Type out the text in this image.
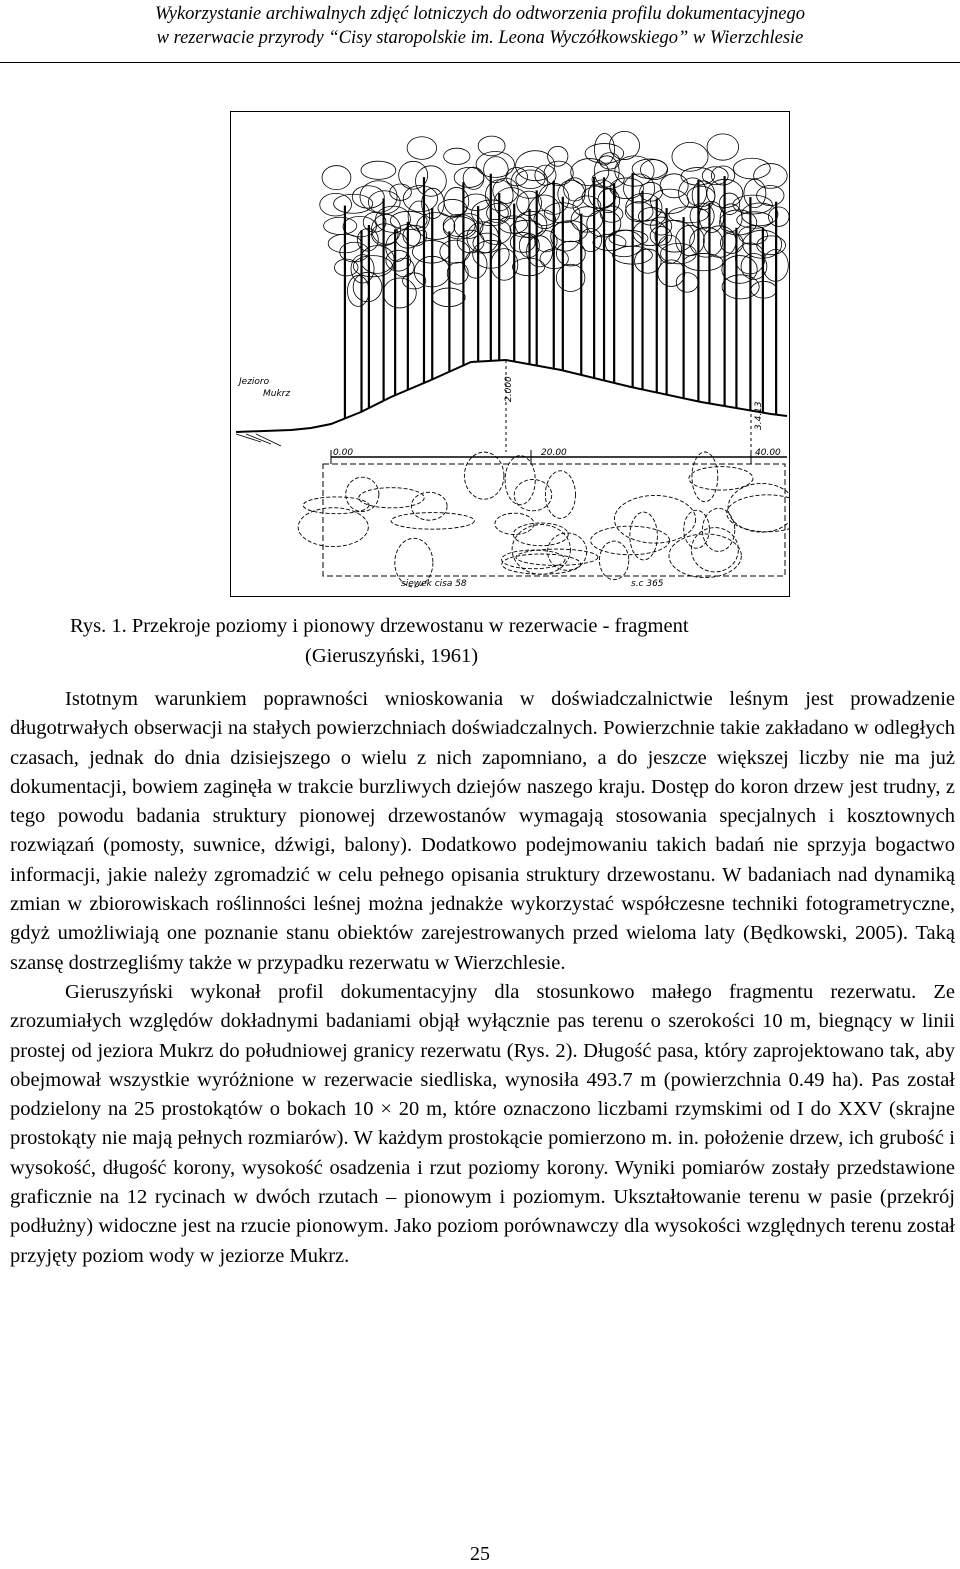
Wykorzystanie archiwalnych zdjęć lotniczych do odtworzenia profilu dokumentacyjnego
w rezerwacie przyrody “Cisy staropolskie im. Leona Wyczółkowskiego” w Wierzchlesie
Jezioro
Mukrz
0.00	20.00	40.00
2.000
3.4.13
siewek cisa 58	s.c 365
Rys. 1. Przekroje poziomy i pionowy drzewostanu w rezerwacie - fragment
(Gieruszyński, 1961)

Istotnym warunkiem poprawności wnioskowania w doświadczalnictwie leśnym jest prowadzenie długotrwałych obserwacji na stałych powierzchniach doświadczalnych. Powierzchnie takie zakładano w odległych czasach, jednak do dnia dzisiejszego o wielu z nich zapomniano, a do jeszcze większej liczby nie ma już dokumentacji, bowiem zaginęła w trakcie burzliwych dziejów naszego kraju. Dostęp do koron drzew jest trudny, z tego powodu badania struktury pionowej drzewostanów wymagają stosowania specjalnych i kosztownych rozwiązań (pomosty, suwnice, dźwigi, balony). Dodatkowo podejmowaniu takich badań nie sprzyja bogactwo informacji, jakie należy zgromadzić w celu pełnego opisania struktury drzewostanu. W badaniach nad dynamiką zmian w zbiorowiskach roślinności leśnej można jednakże wykorzystać współczesne techniki fotogrametryczne, gdyż umożliwiają one poznanie stanu obiektów zarejestrowanych przed wieloma laty (Będkowski, 2005). Taką szansę dostrzegliśmy także w przypadku rezerwatu w Wierzchlesie.

Gieruszyński wykonał profil dokumentacyjny dla stosunkowo małego fragmentu rezerwatu. Ze zrozumiałych względów dokładnymi badaniami objął wyłącznie pas terenu o szerokości 10 m, biegnący w linii prostej od jeziora Mukrz do południowej granicy rezerwatu (Rys. 2). Długość pasa, który zaprojektowano tak, aby obejmował wszystkie wyróżnione w rezerwacie siedliska, wynosiła 493.7 m (powierzchnia 0.49 ha). Pas został podzielony na 25 prostokątów o bokach 10 × 20 m, które oznaczono liczbami rzymskimi od I do XXV (skrajne prostokąty nie mają pełnych rozmiarów). W każdym prostokącie pomierzono m. in. położenie drzew, ich grubość i wysokość, długość korony, wysokość osadzenia i rzut poziomy korony. Wyniki pomiarów zostały przedstawione graficznie na 12 rycinach w dwóch rzutach – pionowym i poziomym. Ukształtowanie terenu w pasie (przekrój podłużny) widoczne jest na rzucie pionowym. Jako poziom porównawczy dla wysokości względnych terenu został przyjęty poziom wody w jeziorze Mukrz.

25
